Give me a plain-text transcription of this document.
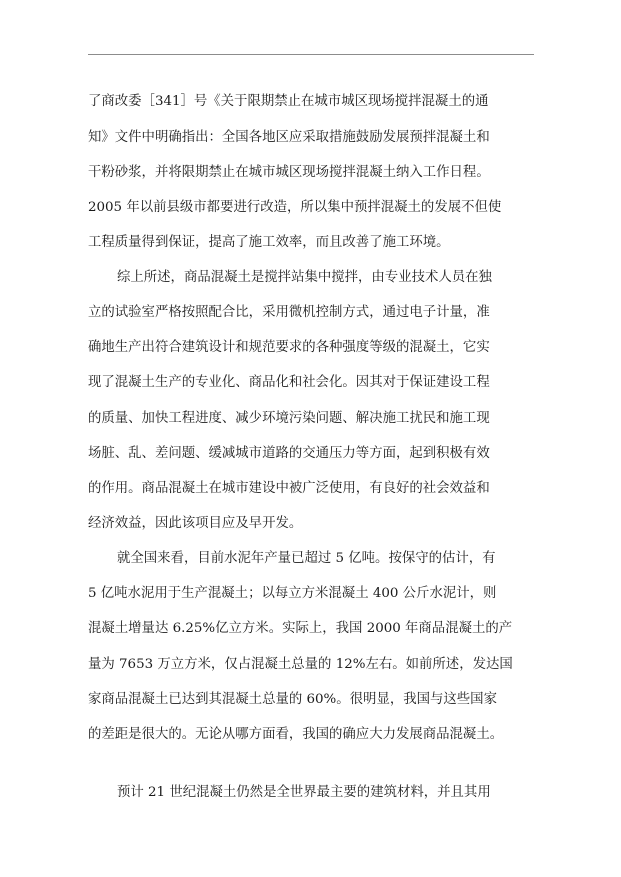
了商改委［341］号《关于限期禁止在城市城区现场搅拌混凝土的通
知》文件中明确指出：全国各地区应采取措施鼓励发展预拌混凝土和
干粉砂浆，并将限期禁止在城市城区现场搅拌混凝土纳入工作日程。
2005 年以前县级市都要进行改造，所以集中预拌混凝土的发展不但使
工程质量得到保证，提高了施工效率，而且改善了施工环境。
综上所述，商品混凝土是搅拌站集中搅拌，由专业技术人员在独
立的试验室严格按照配合比，采用微机控制方式，通过电子计量，准
确地生产出符合建筑设计和规范要求的各种强度等级的混凝土，它实
现了混凝土生产的专业化、商品化和社会化。因其对于保证建设工程
的质量、加快工程进度、减少环境污染问题、解决施工扰民和施工现
场脏、乱、差问题、缓减城市道路的交通压力等方面，起到积极有效
的作用。商品混凝土在城市建设中被广泛使用，有良好的社会效益和
经济效益，因此该项目应及早开发。
就全国来看，目前水泥年产量已超过 5 亿吨。按保守的估计，有
5 亿吨水泥用于生产混凝土；以每立方米混凝土 400 公斤水泥计，则
混凝土增量达 6.25%亿立方米。实际上，我国 2000 年商品混凝土的产
量为 7653 万立方米，仅占混凝土总量的 12%左右。如前所述，发达国
家商品混凝土已达到其混凝土总量的 60%。很明显，我国与这些国家
的差距是很大的。无论从哪方面看，我国的确应大力发展商品混凝土。
预计 21 世纪混凝土仍然是全世界最主要的建筑材料，并且其用
